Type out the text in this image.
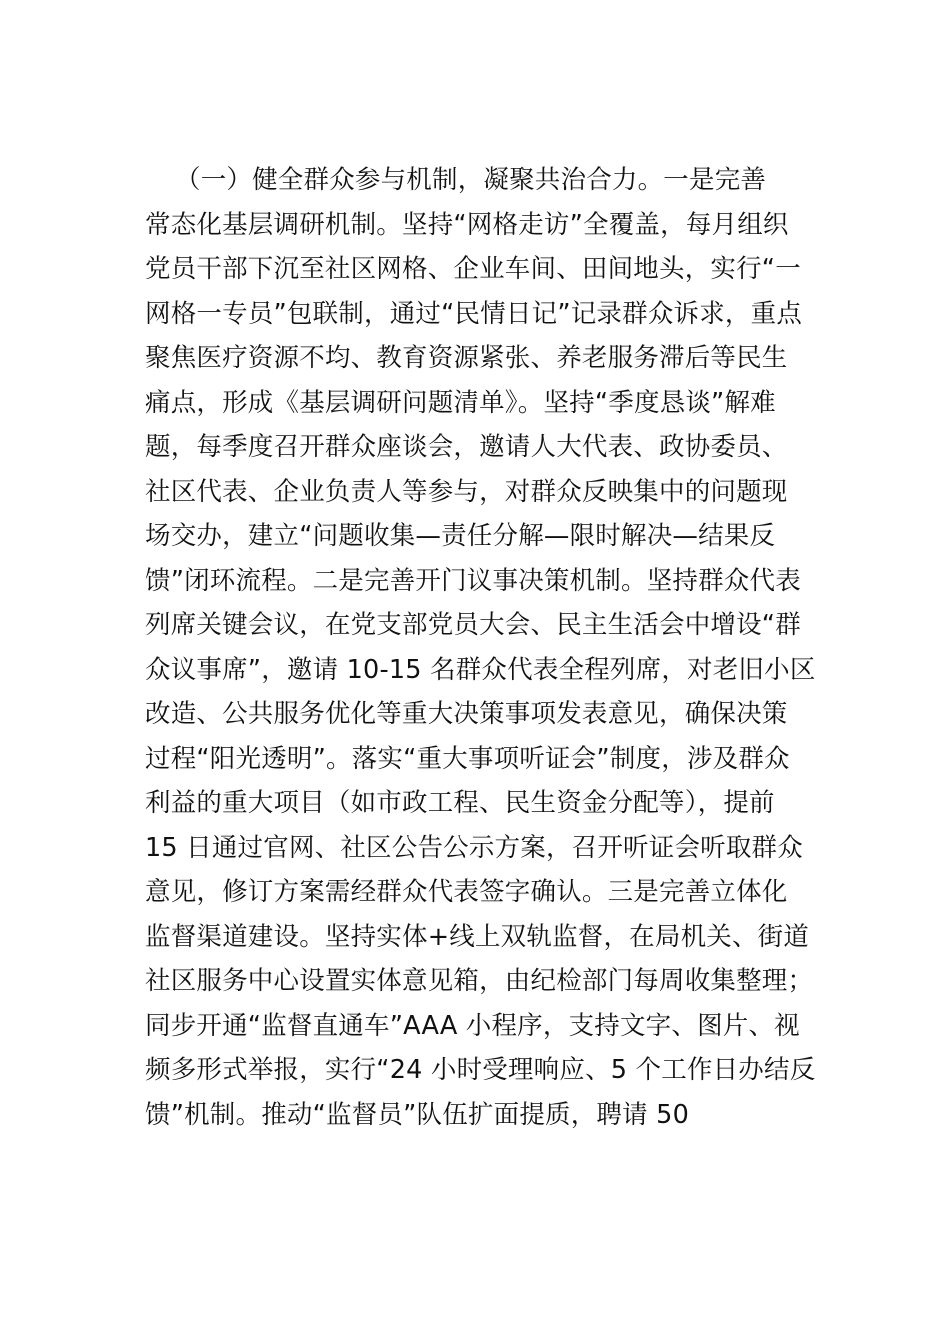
（一）健全群众参与机制，凝聚共治合力。一是完善
常态化基层调研机制。坚持“网格走访”全覆盖，每月组织
党员干部下沉至社区网格、企业车间、田间地头，实行“一
网格一专员”包联制，通过“民情日记”记录群众诉求，重点
聚焦医疗资源不均、教育资源紧张、养老服务滞后等民生
痛点，形成《基层调研问题清单》。坚持“季度恳谈”解难
题，每季度召开群众座谈会，邀请人大代表、政协委员、
社区代表、企业负责人等参与，对群众反映集中的问题现
场交办，建立“问题收集—责任分解—限时解决—结果反
馈”闭环流程。二是完善开门议事决策机制。坚持群众代表
列席关键会议，在党支部党员大会、民主生活会中增设“群
众议事席”，邀请 10-15 名群众代表全程列席，对老旧小区
改造、公共服务优化等重大决策事项发表意见，确保决策
过程“阳光透明”。落实“重大事项听证会”制度，涉及群众
利益的重大项目（如市政工程、民生资金分配等），提前
15 日通过官网、社区公告公示方案，召开听证会听取群众
意见，修订方案需经群众代表签字确认。三是完善立体化
监督渠道建设。坚持实体+线上双轨监督，在局机关、街道
社区服务中心设置实体意见箱，由纪检部门每周收集整理；
同步开通“监督直通车”AAA 小程序，支持文字、图片、视
频多形式举报，实行“24 小时受理响应、5 个工作日办结反
馈”机制。推动“监督员”队伍扩面提质，聘请 50
